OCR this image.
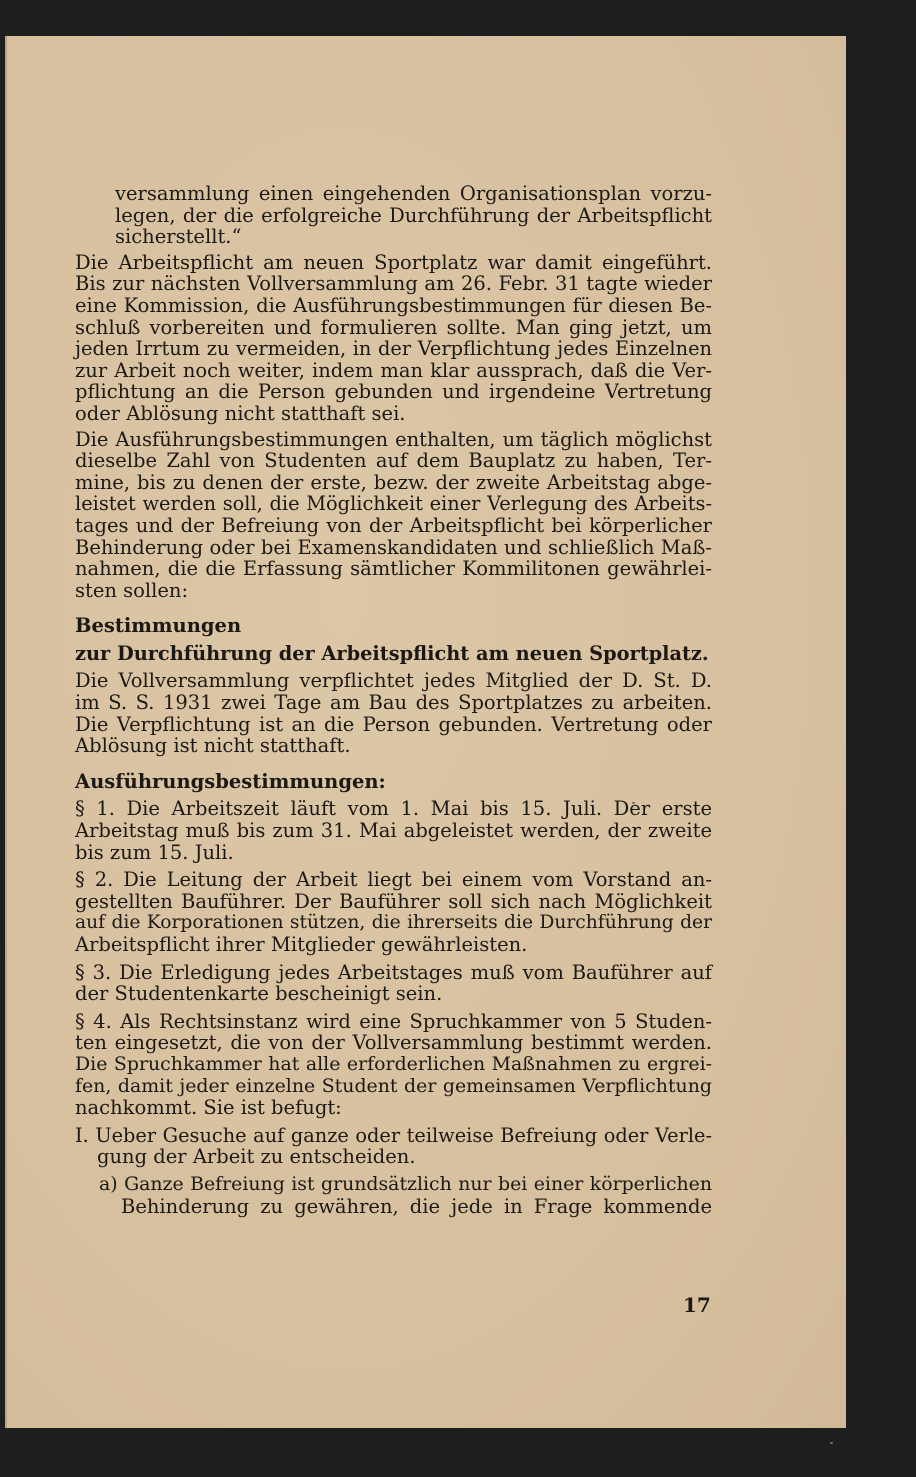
versammlung einen eingehenden Organisationsplan vorzu-
legen, der die erfolgreiche Durchführung der Arbeitspflicht
sicherstellt.“
Die Arbeitspflicht am neuen Sportplatz war damit eingeführt.
Bis zur nächsten Vollversammlung am 26. Febr. 31 tagte wieder
eine Kommission, die Ausführungsbestimmungen für diesen Be-
schluß vorbereiten und formulieren sollte. Man ging jetzt, um
jeden Irrtum zu vermeiden, in der Verpflichtung jedes Einzelnen
zur Arbeit noch weiter, indem man klar aussprach, daß die Ver-
pflichtung an die Person gebunden und irgendeine Vertretung
oder Ablösung nicht statthaft sei.
Die Ausführungsbestimmungen enthalten, um täglich möglichst
dieselbe Zahl von Studenten auf dem Bauplatz zu haben, Ter-
mine, bis zu denen der erste, bezw. der zweite Arbeitstag abge-
leistet werden soll, die Möglichkeit einer Verlegung des Arbeits-
tages und der Befreiung von der Arbeitspflicht bei körperlicher
Behinderung oder bei Examenskandidaten und schließlich Maß-
nahmen, die die Erfassung sämtlicher Kommilitonen gewährlei-
sten sollen:
Bestimmungen
zur Durchführung der Arbeitspflicht am neuen Sportplatz.
Die Vollversammlung verpflichtet jedes Mitglied der D. St. D.
im S. S. 1931 zwei Tage am Bau des Sportplatzes zu arbeiten.
Die Verpflichtung ist an die Person gebunden. Vertretung oder
Ablösung ist nicht statthaft.
Ausführungsbestimmungen:
§ 1. Die Arbeitszeit läuft vom 1. Mai bis 15. Juli. Der erste
Arbeitstag muß bis zum 31. Mai abgeleistet werden, der zweite
bis zum 15. Juli.
§ 2. Die Leitung der Arbeit liegt bei einem vom Vorstand an-
gestellten Bauführer. Der Bauführer soll sich nach Möglichkeit
auf die Korporationen stützen, die ihrerseits die Durchführung der
Arbeitspflicht ihrer Mitglieder gewährleisten.
§ 3. Die Erledigung jedes Arbeitstages muß vom Bauführer auf
der Studentenkarte bescheinigt sein.
§ 4. Als Rechtsinstanz wird eine Spruchkammer von 5 Studen-
ten eingesetzt, die von der Vollversammlung bestimmt werden.
Die Spruchkammer hat alle erforderlichen Maßnahmen zu ergrei-
fen, damit jeder einzelne Student der gemeinsamen Verpflichtung
nachkommt. Sie ist befugt:
I. Ueber Gesuche auf ganze oder teilweise Befreiung oder Verle-
gung der Arbeit zu entscheiden.
a) Ganze Befreiung ist grundsätzlich nur bei einer körperlichen
Behinderung zu gewähren, die jede in Frage kommende
17
